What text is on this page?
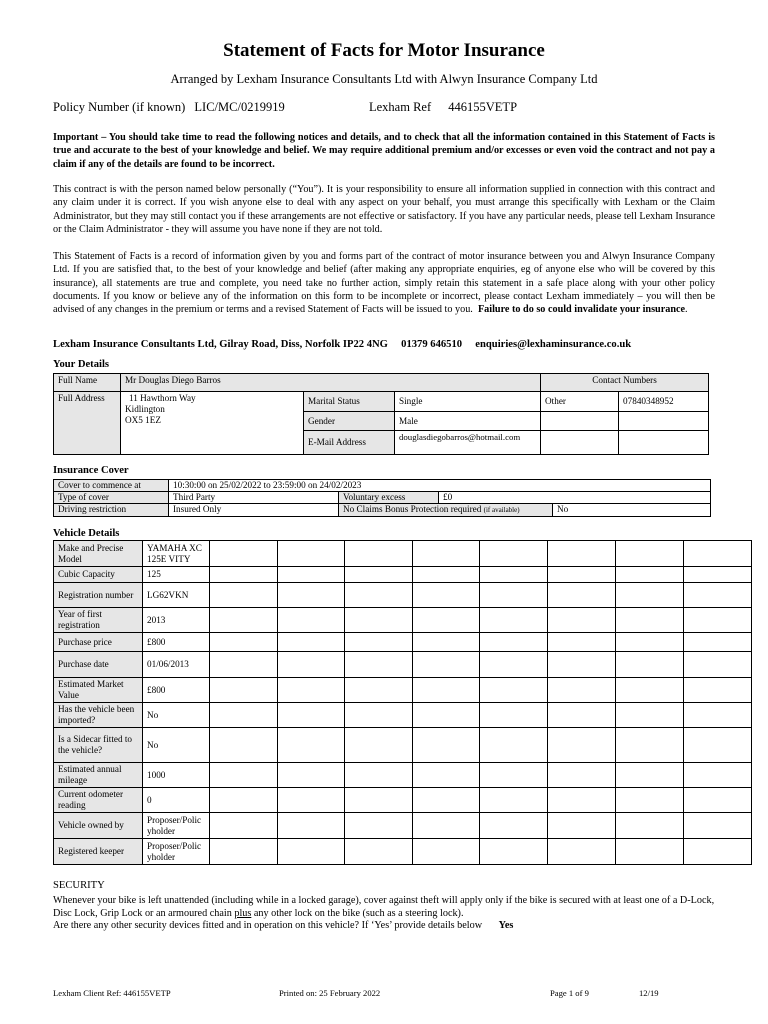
Statement of Facts for Motor Insurance
Arranged by Lexham Insurance Consultants Ltd with Alwyn Insurance Company Ltd
Policy Number (if known) LIC/MC/0219919	Lexham Ref 446155VETP
Important – You should take time to read the following notices and details, and to check that all the information contained in this Statement of Facts is true and accurate to the best of your knowledge and belief. We may require additional premium and/or excesses or even void the contract and not pay a claim if any of the details are found to be incorrect.
This contract is with the person named below personally (“You”). It is your responsibility to ensure all information supplied in connection with this contract and any claim under it is correct. If you wish anyone else to deal with any aspect on your behalf, you must arrange this specifically with Lexham or the Claim Administrator, but they may still contact you if these arrangements are not effective or satisfactory. If you have any particular needs, please tell Lexham Insurance or the Claim Administrator - they will assume you have none if they are not told.
This Statement of Facts is a record of information given by you and forms part of the contract of motor insurance between you and Alwyn Insurance Company Ltd. If you are satisfied that, to the best of your knowledge and belief (after making any appropriate enquiries, eg of anyone else who will be covered by this insurance), all statements are true and complete, you need take no further action, simply retain this statement in a safe place along with your other policy documents. If you know or believe any of the information on this form to be incomplete or incorrect, please contact Lexham immediately – you will then be advised of any changes in the premium or terms and a revised Statement of Facts will be issued to you. Failure to do so could invalidate your insurance.
Lexham Insurance Consultants Ltd, Gilray Road, Diss, Norfolk IP22 4NG     01379 646510     enquiries@lexhaminsurance.co.uk
Your Details
Full Name	Mr Douglas Diego Barros			Contact Numbers	
Full Address	11 Hawthorn Way
Kidlington
OX5 1EZ	Marital Status	Single	Other	07840348952
		Gender	Male		
		E-Mail Address	douglasdiegobarros@hotmail.com		
Insurance Cover
Cover to commence at	10:30:00 on 25/02/2022 to 23:59:00 on 24/02/2023			
Type of cover	Third Party	Voluntary excess	£0	
Driving restriction	Insured Only	No Claims Bonus Protection required (if available)		No
Vehicle Details
Make and Precise Model	YAMAHA XC125E VITY								
Cubic Capacity	125								
Registration number	LG62VKN								
Year of first registration	2013								
Purchase price	£800								
Purchase date	01/06/2013								
Estimated Market Value	£800								
Has the vehicle been imported?	No								
Is a Sidecar fitted to the vehicle?	No								
Estimated annual mileage	1000								
Current odometer reading	0								
Vehicle owned by	Proposer/Policyholder								
Registered keeper	Proposer/Policyholder								
SECURITY
Whenever your bike is left unattended (including while in a locked garage), cover against theft will apply only if the bike is secured with at least one of a D-Lock, Disc Lock, Grip Lock or an armoured chain plus any other lock on the bike (such as a steering lock).
Are there any other security devices fitted and in operation on this vehicle? If ‘Yes’ provide details below Yes
Lexham Client Ref: 446155VETP	Printed on: 25 February 2022	Page 1 of 9	12/19
